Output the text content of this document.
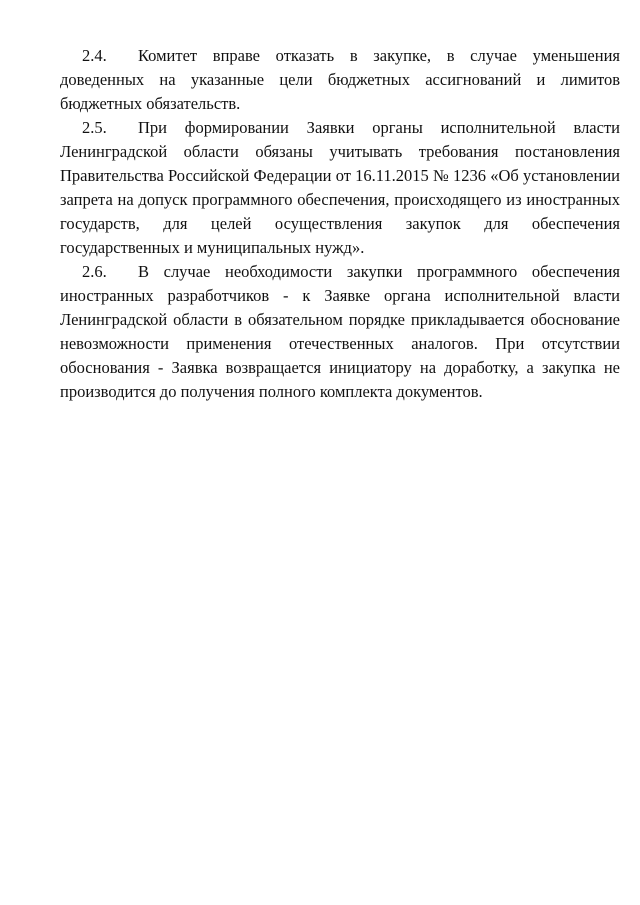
2.4. Комитет вправе отказать в закупке, в случае уменьшения доведенных на указанные цели бюджетных ассигнований и лимитов бюджетных обязательств.

2.5. При формировании Заявки органы исполнительной власти Ленинградской области обязаны учитывать требования постановления Правительства Российской Федерации от 16.11.2015 № 1236 «Об установлении запрета на допуск программного обеспечения, происходящего из иностранных государств, для целей осуществления закупок для обеспечения государственных и муниципальных нужд».

2.6. В случае необходимости закупки программного обеспечения иностранных разработчиков - к Заявке органа исполнительной власти Ленинградской области в обязательном порядке прикладывается обоснование невозможности применения отечественных аналогов. При отсутствии обоснования - Заявка возвращается инициатору на доработку, а закупка не производится до получения полного комплекта документов.
